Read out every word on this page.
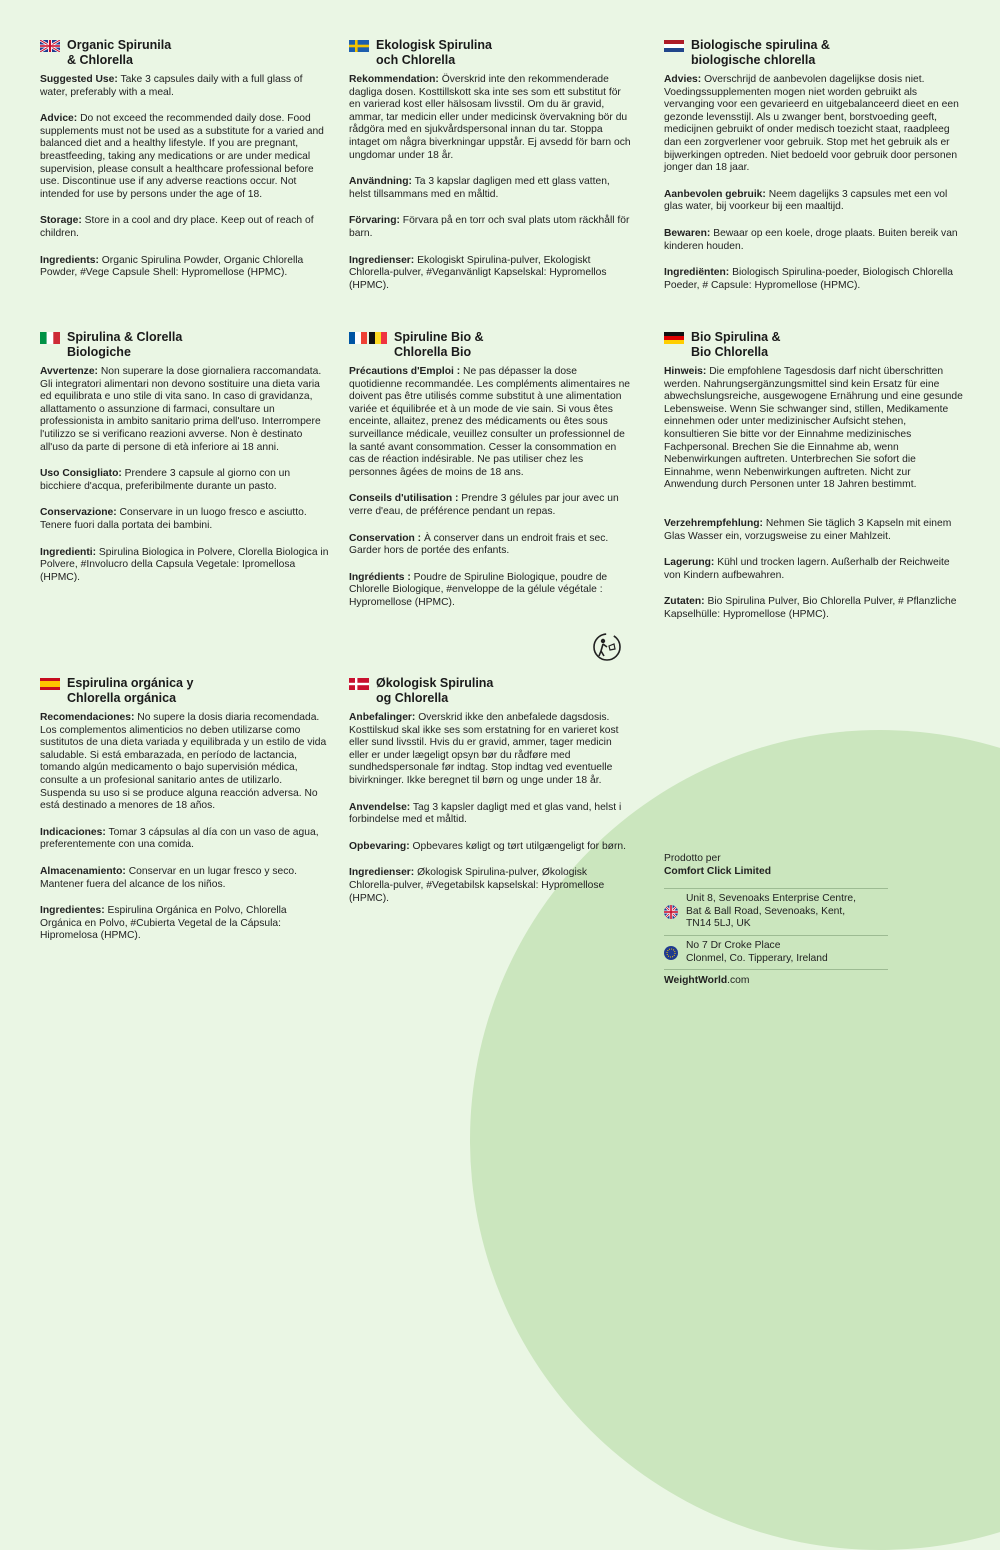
Organic Spirunila
& Chlorella

Suggested Use: Take 3 capsules daily with a full glass of water, preferably with a meal.

Advice: Do not exceed the recommended daily dose. Food supplements must not be used as a substitute for a varied and balanced diet and a healthy lifestyle. If you are pregnant, breastfeeding, taking any medications or are under medical supervision, please consult a healthcare professional before use. Discontinue use if any adverse reactions occur. Not intended for use by persons under the age of 18.

Storage: Store in a cool and dry place. Keep out of reach of children.

Ingredients: Organic Spirulina Powder, Organic Chlorella Powder, #Vege Capsule Shell: Hypromellose (HPMC).

Ekologisk Spirulina
och Chlorella

Rekommendation: Överskrid inte den rekommenderade dagliga dosen. Kosttillskott ska inte ses som ett substitut för en varierad kost eller hälsosam livsstil. Om du är gravid, ammar, tar medicin eller under medicinsk övervakning bör du rådgöra med en sjukvårdspersonal innan du tar. Stoppa intaget om några biverkningar uppstår. Ej avsedd för barn och ungdomar under 18 år.

Användning: Ta 3 kapslar dagligen med ett glass vatten, helst tillsammans med en måltid.

Förvaring: Förvara på en torr och sval plats utom räckhåll för barn.

Ingredienser: Ekologiskt Spirulina-pulver, Ekologiskt Chlorella-pulver, #Veganvänligt Kapselskal: Hypromellos (HPMC).

Biologische spirulina &
biologische chlorella

Advies: Overschrijd de aanbevolen dagelijkse dosis niet. Voedingssupplementen mogen niet worden gebruikt als vervanging voor een gevarieerd en uitgebalanceerd dieet en een gezonde levensstijl. Als u zwanger bent, borstvoeding geeft, medicijnen gebruikt of onder medisch toezicht staat, raadpleeg dan een zorgverlener voor gebruik. Stop met het gebruik als er bijwerkingen optreden. Niet bedoeld voor gebruik door personen jonger dan 18 jaar.

Aanbevolen gebruik: Neem dagelijks 3 capsules met een vol glas water, bij voorkeur bij een maaltijd.

Bewaren: Bewaar op een koele, droge plaats. Buiten bereik van kinderen houden.

Ingrediënten: Biologisch Spirulina-poeder, Biologisch Chlorella Poeder, # Capsule: Hypromellose (HPMC).

Spirulina & Clorella
Biologiche

Avvertenze: Non superare la dose giornaliera raccomandata. Gli integratori alimentari non devono sostituire una dieta varia ed equilibrata e uno stile di vita sano. In caso di gravidanza, allattamento o assunzione di farmaci, consultare un professionista in ambito sanitario prima dell'uso. Interrompere l'utilizzo se si verificano reazioni avverse. Non è destinato all'uso da parte di persone di età inferiore ai 18 anni.

Uso Consigliato: Prendere 3 capsule al giorno con un bicchiere d'acqua, preferibilmente durante un pasto.

Conservazione: Conservare in un luogo fresco e asciutto. Tenere fuori dalla portata dei bambini.

Ingredienti: Spirulina Biologica in Polvere, Clorella Biologica in Polvere, #Involucro della Capsula Vegetale: Ipromellosa (HPMC).

Spiruline Bio &
Chlorella Bio

Précautions d'Emploi : Ne pas dépasser la dose quotidienne recommandée. Les compléments alimentaires ne doivent pas être utilisés comme substitut à une alimentation variée et équilibrée et à un mode de vie sain. Si vous êtes enceinte, allaitez, prenez des médicaments ou êtes sous surveillance médicale, veuillez consulter un professionnel de la santé avant consommation. Cesser la consommation en cas de réaction indésirable. Ne pas utiliser chez les personnes âgées de moins de 18 ans.

Conseils d'utilisation : Prendre 3 gélules par jour avec un verre d'eau, de préférence pendant un repas.

Conservation : À conserver dans un endroit frais et sec. Garder hors de portée des enfants.

Ingrédients : Poudre de Spiruline Biologique, poudre de Chlorelle Biologique, #enveloppe de la gélule végétale : Hypromellose (HPMC).

Bio Spirulina &
Bio Chlorella

Hinweis: Die empfohlene Tagesdosis darf nicht überschritten werden. Nahrungsergänzungsmittel sind kein Ersatz für eine abwechslungsreiche, ausgewogene Ernährung und eine gesunde Lebensweise. Wenn Sie schwanger sind, stillen, Medikamente einnehmen oder unter medizinischer Aufsicht stehen, konsultieren Sie bitte vor der Einnahme medizinisches Fachpersonal. Brechen Sie die Einnahme ab, wenn Nebenwirkungen auftreten. Unterbrechen Sie sofort die Einnahme, wenn Nebenwirkungen auftreten. Nicht zur Anwendung durch Personen unter 18 Jahren bestimmt.

Verzehrempfehlung: Nehmen Sie täglich 3 Kapseln mit einem Glas Wasser ein, vorzugsweise zu einer Mahlzeit.

Lagerung: Kühl und trocken lagern. Außerhalb der Reichweite von Kindern aufbewahren.

Zutaten: Bio Spirulina Pulver, Bio Chlorella Pulver, # Pflanzliche Kapselhülle: Hypromellose (HPMC).

Espirulina orgánica y
Chlorella orgánica

Recomendaciones: No supere la dosis diaria recomendada. Los complementos alimenticios no deben utilizarse como sustitutos de una dieta variada y equilibrada y un estilo de vida saludable. Si está embarazada, en período de lactancia, tomando algún medicamento o bajo supervisión médica, consulte a un profesional sanitario antes de utilizarlo. Suspenda su uso si se produce alguna reacción adversa. No está destinado a menores de 18 años.

Indicaciones: Tomar 3 cápsulas al día con un vaso de agua, preferentemente con una comida.

Almacenamiento: Conservar en un lugar fresco y seco. Mantener fuera del alcance de los niños.

Ingredientes: Espirulina Orgánica en Polvo, Chlorella Orgánica en Polvo, #Cubierta Vegetal de la Cápsula: Hipromelosa (HPMC).

Økologisk Spirulina
og Chlorella

Anbefalinger: Overskrid ikke den anbefalede dagsdosis. Kosttilskud skal ikke ses som erstatning for en varieret kost eller sund livsstil. Hvis du er gravid, ammer, tager medicin eller er under lægeligt opsyn bør du rådføre med sundhedspersonale før indtag. Stop indtag ved eventuelle bivirkninger. Ikke beregnet til børn og unge under 18 år.

Anvendelse: Tag 3 kapsler dagligt med et glas vand, helst i forbindelse med et måltid.

Opbevaring: Opbevares køligt og tørt utilgængeligt for børn.

Ingredienser: Økologisk Spirulina-pulver, Økologisk Chlorella-pulver, #Vegetabilsk kapselskal: Hypromellose (HPMC).

Prodotto per
Comfort Click Limited
Unit 8, Sevenoaks Enterprise Centre,
Bat & Ball Road, Sevenoaks, Kent,
TN14 5LJ, UK
No 7 Dr Croke Place
Clonmel, Co. Tipperary, Ireland
WeightWorld.com
